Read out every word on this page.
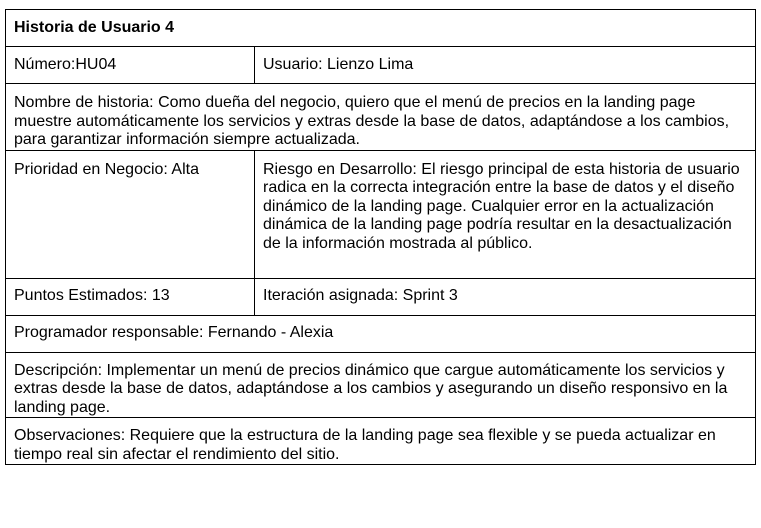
Historia de Usuario 4	
Número:HU04	Usuario: Lienzo Lima
Nombre de historia: Como dueña del negocio, quiero que el menú de precios en la landing page muestre automáticamente los servicios y extras desde la base de datos, adaptándose a los cambios, para garantizar información siempre actualizada.	
Prioridad en Negocio: Alta	Riesgo en Desarrollo: El riesgo principal de esta historia de usuario radica en la correcta integración entre la base de datos y el diseño dinámico de la landing page. Cualquier error en la actualización dinámica de la landing page podría resultar en la desactualización de la información mostrada al público.
Puntos Estimados: 13	Iteración asignada: Sprint 3
Programador responsable: Fernando - Alexia	
Descripción: Implementar un menú de precios dinámico que cargue automáticamente los servicios y extras desde la base de datos, adaptándose a los cambios y asegurando un diseño responsivo en la landing page.	
Observaciones: Requiere que la estructura de la landing page sea flexible y se pueda actualizar en tiempo real sin afectar el rendimiento del sitio.	
